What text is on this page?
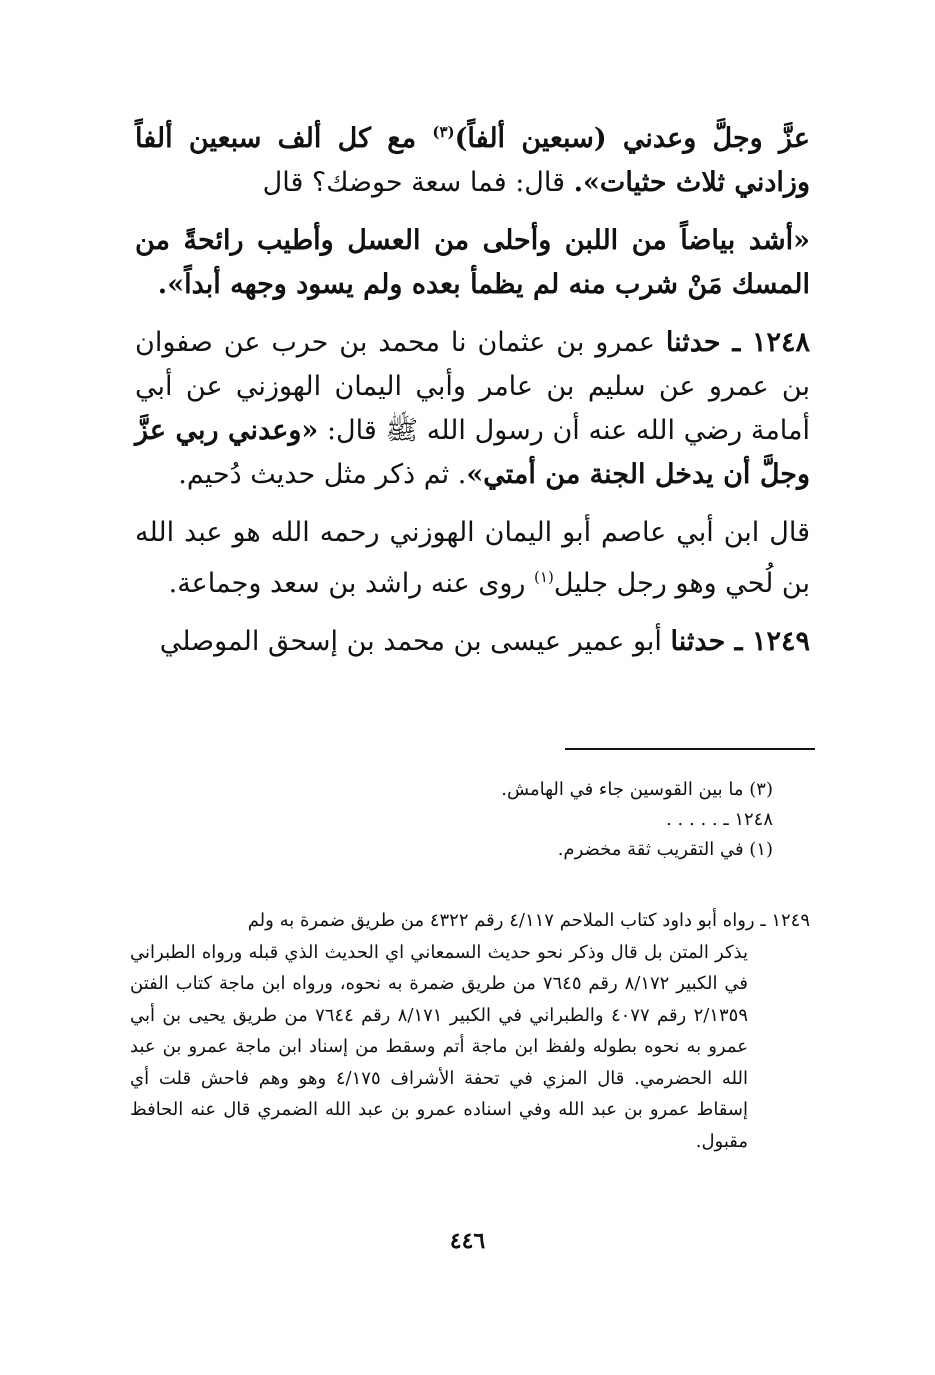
عزَّ وجلَّ وعدني (سبعين ألفاً)$^{(٣)}$ مع كل ألف سبعين ألفاً وزادني ثلاث حثيات». قال: فما سعة حوضك؟ قال

«أشد بياضاً من اللبن وأحلى من العسل وأطيب رائحةً من المسك مَنْ شرب منه لم يظمأ بعده ولم يسود وجهه أبداً».

١٢٤٨ ـ حدثنا عمرو بن عثمان نا محمد بن حرب عن صفوان بن عمرو عن سليم بن عامر وأبي اليمان الهوزني عن أبي أمامة رضي الله عنه أن رسول الله ﷺ قال: «وعدني ربي عزَّ وجلَّ أن يدخل الجنة من أمتي». ثم ذكر مثل حديث دُحيم.

قال ابن أبي عاصم أبو اليمان الهوزني رحمه الله هو عبد الله بن لُحي وهو رجل جليل$^{(١)}$ روى عنه راشد بن سعد وجماعة.

١٢٤٩ ـ حدثنا أبو عمير عيسى بن محمد بن إسحق الموصلي

(٣) ما بين القوسين جاء في الهامش.

١٢٤٨ ـ . . . . .

(١) في التقريب ثقة مخضرم.

١٢٤٩ ـ رواه أبو داود كتاب الملاحم ٤/١١٧ رقم ٤٣٢٢ من طريق ضمرة به ولم
يذكر المتن بل قال وذكر نحو حديث السمعاني اي الحديث الذي قبله ورواه الطبراني في الكبير ٨/١٧٢ رقم ٧٦٤٥ من طريق ضمرة به نحوه، ورواه ابن ماجة كتاب الفتن ٢/١٣٥٩ رقم ٤٠٧٧ والطبراني في الكبير ٨/١٧١ رقم ٧٦٤٤ من طريق يحيى بن أبي عمرو به نحوه بطوله ولفظ ابن ماجة أتم وسقط من إسناد ابن ماجة عمرو بن عبد الله الحضرمي. قال المزي في تحفة الأشراف ٤/١٧٥ وهو وهم فاحش قلت أي إسقاط عمرو بن عبد الله وفي اسناده عمرو بن عبد الله الضمري قال عنه الحافظ مقبول.
٤٤٦
